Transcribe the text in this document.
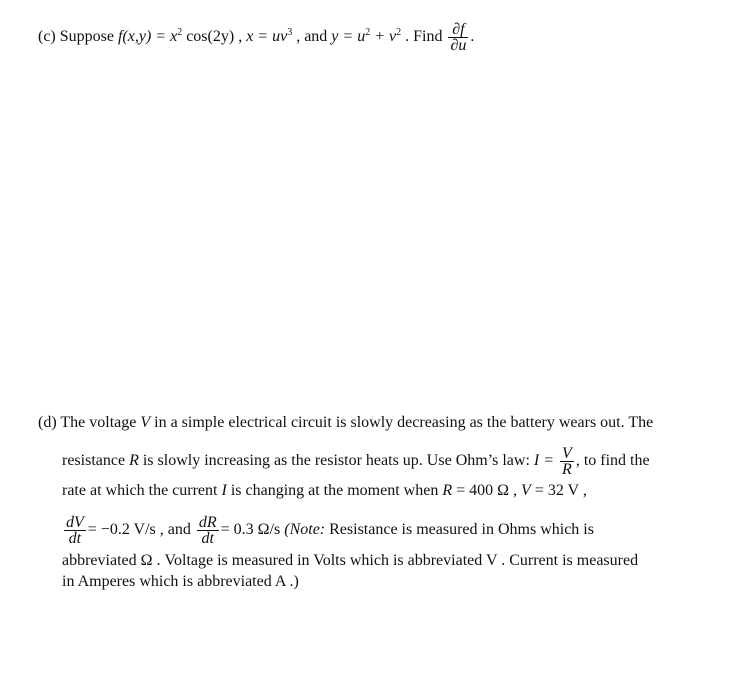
(c) Suppose $f(x,y) = x^2$ cos(2y) , $x = uv^3$ , and $y = u^2 + v^2$ . Find $\frac{\partial f}{\partial u}$ .
(d) The voltage V in a simple electrical circuit is slowly decreasing as the battery wears out. The
resistance R is slowly increasing as the resistor heats up. Use Ohm’s law: $I = \frac{V}{R}$ , to find the
rate at which the current I is changing at the moment when R = 400 Ω , V = 32 V ,
$\frac{dV}{dt} = -0.2$ V/s , and $\frac{dR}{dt} = 0.3$ Ω/s (Note: Resistance is measured in Ohms which is
abbreviated Ω . Voltage is measured in Volts which is abbreviated V . Current is measured
in Amperes which is abbreviated A .)
